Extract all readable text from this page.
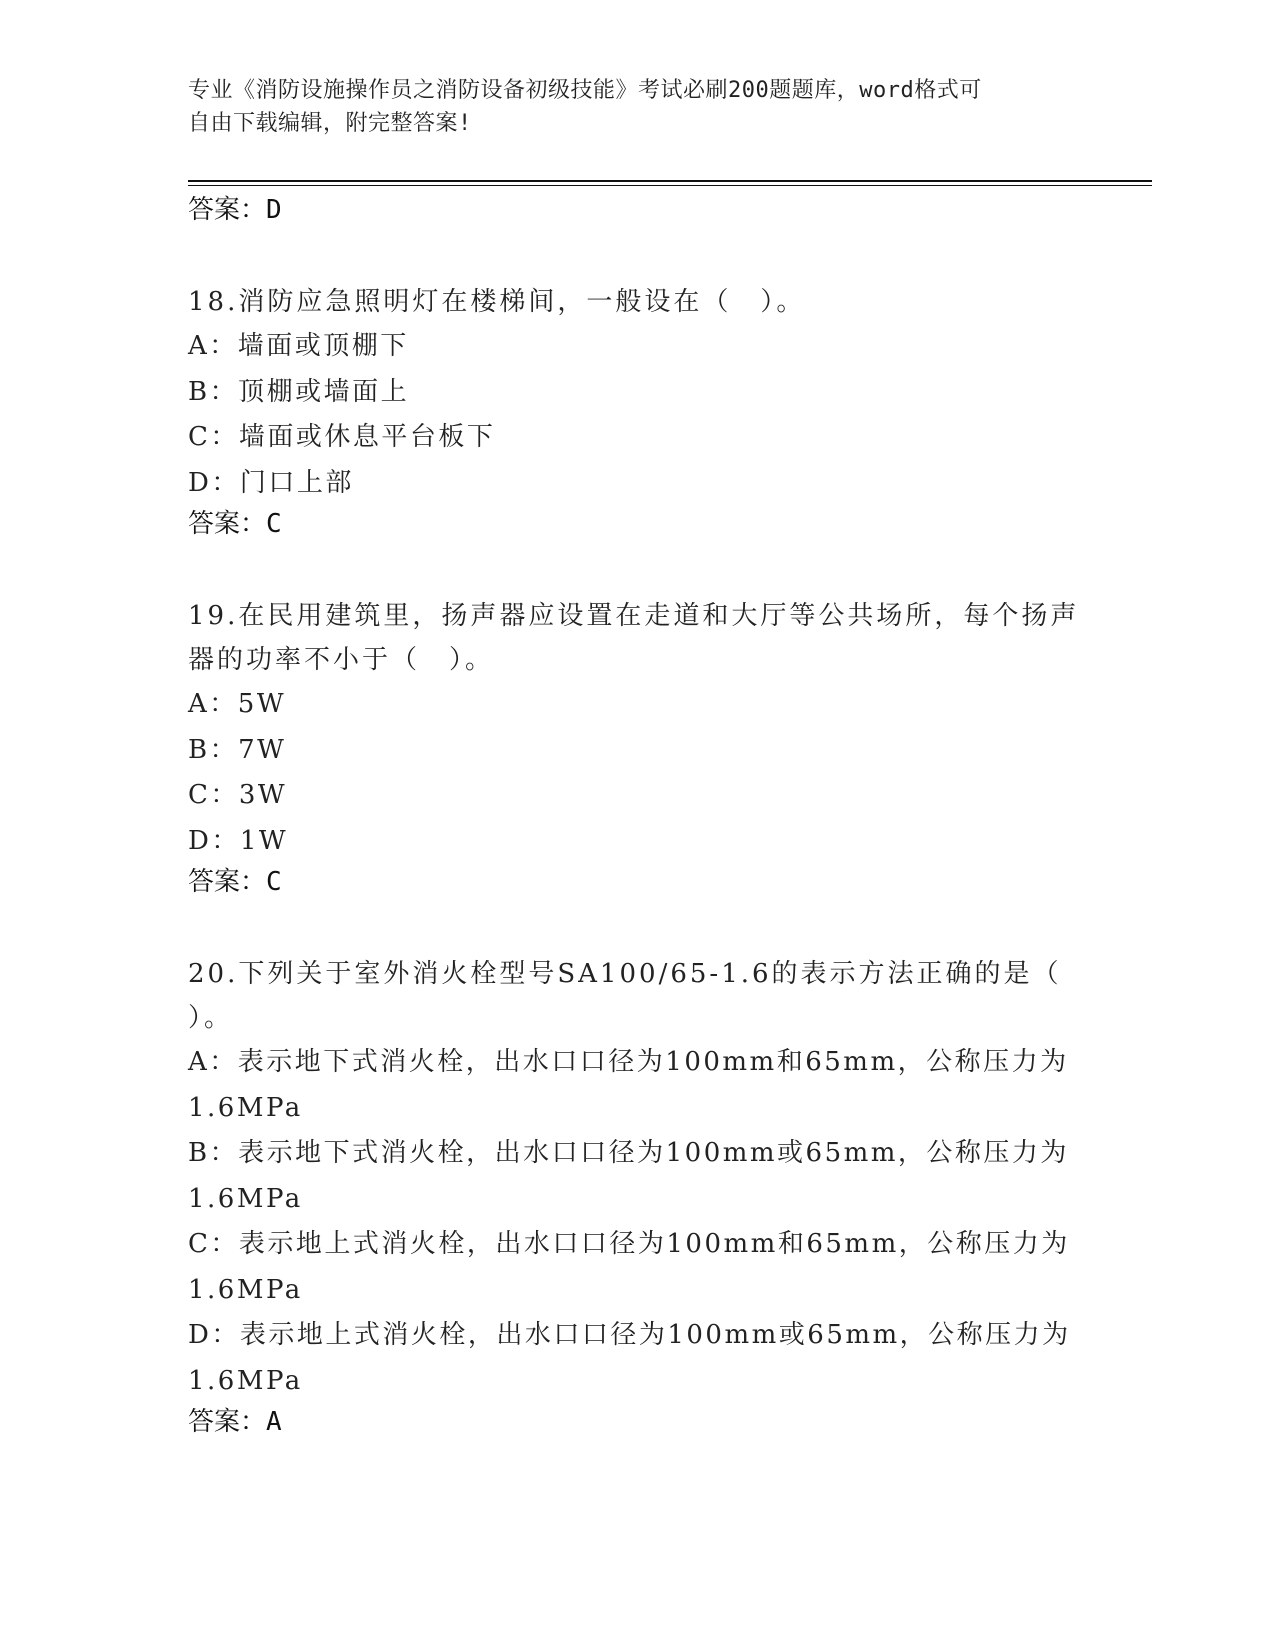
专业《消防设施操作员之消防设备初级技能》考试必刷200题题库，word格式可
自由下载编辑，附完整答案!

答案：D

18.消防应急照明灯在楼梯间，一般设在（　）。

A：墙面或顶棚下

B：顶棚或墙面上

C：墙面或休息平台板下

D：门口上部

答案：C

19.在民用建筑里，扬声器应设置在走道和大厅等公共场所，每个扬声

器的功率不小于（　）。

A：5W

B：7W

C：3W

D：1W

答案：C

20.下列关于室外消火栓型号SA100/65-1.6的表示方法正确的是（

）。

A：表示地下式消火栓，出水口口径为100mm和65mm，公称压力为

1.6MPa

B：表示地下式消火栓，出水口口径为100mm或65mm，公称压力为

1.6MPa

C：表示地上式消火栓，出水口口径为100mm和65mm，公称压力为

1.6MPa

D：表示地上式消火栓，出水口口径为100mm或65mm，公称压力为

1.6MPa

答案：A
